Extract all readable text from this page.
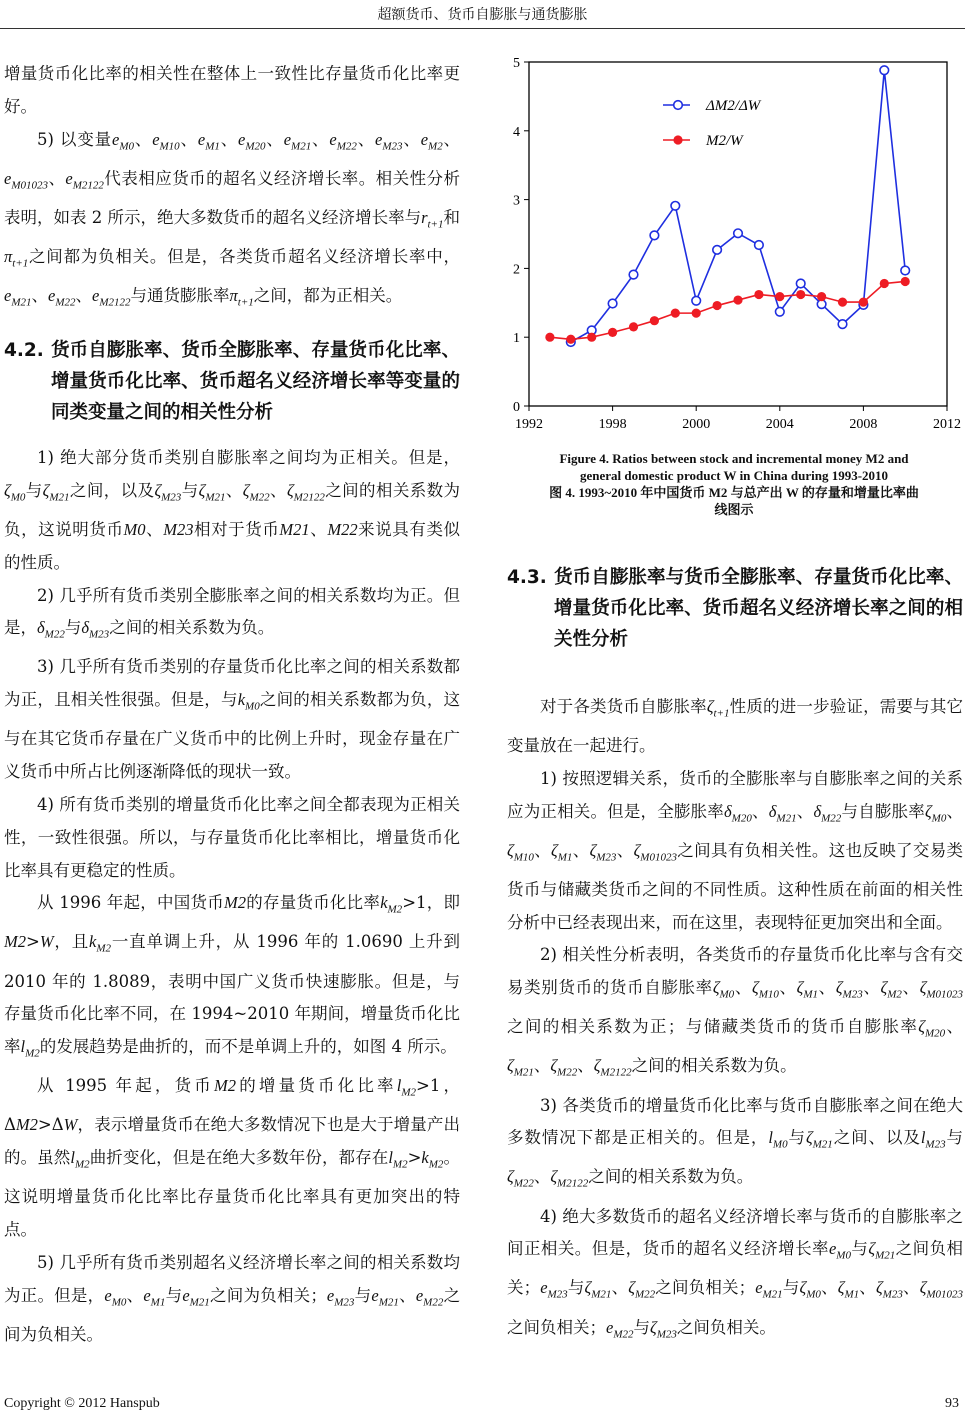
超额货币、货币自膨胀与通货膨胀

增量货币化比率的相关性在整体上一致性比存量货币化比率更好。

5) 以变量$e_{M0}$、$e_{M10}$、$e_{M1}$、$e_{M20}$、$e_{M21}$、$e_{M22}$、$e_{M23}$、$e_{M2}$、$e_{M01023}$、$e_{M2122}$代表相应货币的超名义经济增长率。相关性分析表明，如表 2 所示，绝大多数货币的超名义经济增长率与$r_{t+1}$和$\pi_{t+1}$之间都为负相关。但是，各类货币超名义经济增长率中，$e_{M21}$、$e_{M22}$、$e_{M2122}$与通货膨胀率$\pi_{t+1}$之间，都为正相关。

4.2. 货币自膨胀率、货币全膨胀率、存量货币化比率、增量货币化比率、货币超名义经济增长率等变量的同类变量之间的相关性分析

1) 绝大部分货币类别自膨胀率之间均为正相关。但是，$\zeta_{M0}$与$\zeta_{M21}$之间，以及$\zeta_{M23}$与$\zeta_{M21}$、$\zeta_{M22}$、$\zeta_{M2122}$之间的相关系数为负，这说明货币M0、M23相对于货币M21、M22来说具有类似的性质。

2) 几乎所有货币类别全膨胀率之间的相关系数均为正。但是，$\delta_{M22}$与$\delta_{M23}$之间的相关系数为负。

3) 几乎所有货币类别的存量货币化比率之间的相关系数都为正，且相关性很强。但是，与$k_{M0}$之间的相关系数都为负，这与在其它货币存量在广义货币中的比例上升时，现金存量在广义货币中所占比例逐渐降低的现状一致。

4) 所有货币类别的增量货币化比率之间全都表现为正相关性，一致性很强。所以，与存量货币化比率相比，增量货币化比率具有更稳定的性质。

从 1996 年起，中国货币M2的存量货币化比率$k_{M2}>1$，即M2>W，且$k_{M2}$一直单调上升，从 1996 年的 1.0690 上升到 2010 年的 1.8089，表明中国广义货币快速膨胀。但是，与存量货币化比率不同，在 1994~2010 年期间，增量货币化比率$l_{M2}$的发展趋势是曲折的，而不是单调上升的，如图 4 所示。

从 1995 年起，货币M2的增量货币化比率$l_{M2}>1$，ΔM2>ΔW，表示增量货币在绝大多数情况下也是大于增量产出的。虽然$l_{M2}$曲折变化，但是在绝大多数年份，都存在$l_{M2}>k_{M2}$。这说明增量货币化比率比存量货币化比率具有更加突出的特点。

5) 几乎所有货币类别超名义经济增长率之间的相关系数均为正。但是，$e_{M0}$、$e_{M1}$与$e_{M21}$之间为负相关；$e_{M23}$与$e_{M21}$、$e_{M22}$之间为负相关。

0
1
2
3
4
5
1992	1998	2000	2004	2008	2012
ΔM2/ΔW
M2/W
Figure 4. Ratios between stock and incremental money M2 and
general domestic product W in China during 1993-2010
图 4. 1993~2010 年中国货币 M2 与总产出 W 的存量和增量比率曲
线图示
4.3. 货币自膨胀率与货币全膨胀率、存量货币化比率、增量货币化比率、货币超名义经济增长率之间的相关性分析

对于各类货币自膨胀率$\zeta_{t+1}$性质的进一步验证，需要与其它变量放在一起进行。

1) 按照逻辑关系，货币的全膨胀率与自膨胀率之间的关系应为正相关。但是，全膨胀率$\delta_{M20}$、$\delta_{M21}$、$\delta_{M22}$与自膨胀率$\zeta_{M0}$、$\zeta_{M10}$、$\zeta_{M1}$、$\zeta_{M23}$、$\zeta_{M01023}$之间具有负相关性。这也反映了交易类货币与储藏类货币之间的不同性质。这种性质在前面的相关性分析中已经表现出来，而在这里，表现特征更加突出和全面。

2) 相关性分析表明，各类货币的存量货币化比率与含有交易类别货币的货币自膨胀率$\zeta_{M0}$、$\zeta_{M10}$、$\zeta_{M1}$、$\zeta_{M23}$、$\zeta_{M2}$、$\zeta_{M01023}$之间的相关系数为正；与储藏类货币的货币自膨胀率$\zeta_{M20}$、$\zeta_{M21}$、$\zeta_{M22}$、$\zeta_{M2122}$之间的相关系数为负。

3) 各类货币的增量货币化比率与货币自膨胀率之间在绝大多数情况下都是正相关的。但是，$l_{M0}$与$\zeta_{M21}$之间、以及$l_{M23}$与$\zeta_{M22}$、$\zeta_{M2122}$之间的相关系数为负。

4) 绝大多数货币的超名义经济增长率与货币的自膨胀率之间正相关。但是，货币的超名义经济增长率$e_{M0}$与$\zeta_{M21}$之间负相关；$e_{M23}$与$\zeta_{M21}$、$\zeta_{M22}$之间负相关；$e_{M21}$与$\zeta_{M0}$、$\zeta_{M1}$、$\zeta_{M23}$、$\zeta_{M01023}$之间负相关；$e_{M22}$与$\zeta_{M23}$之间负相关。

Copyright © 2012 Hanspub	93
